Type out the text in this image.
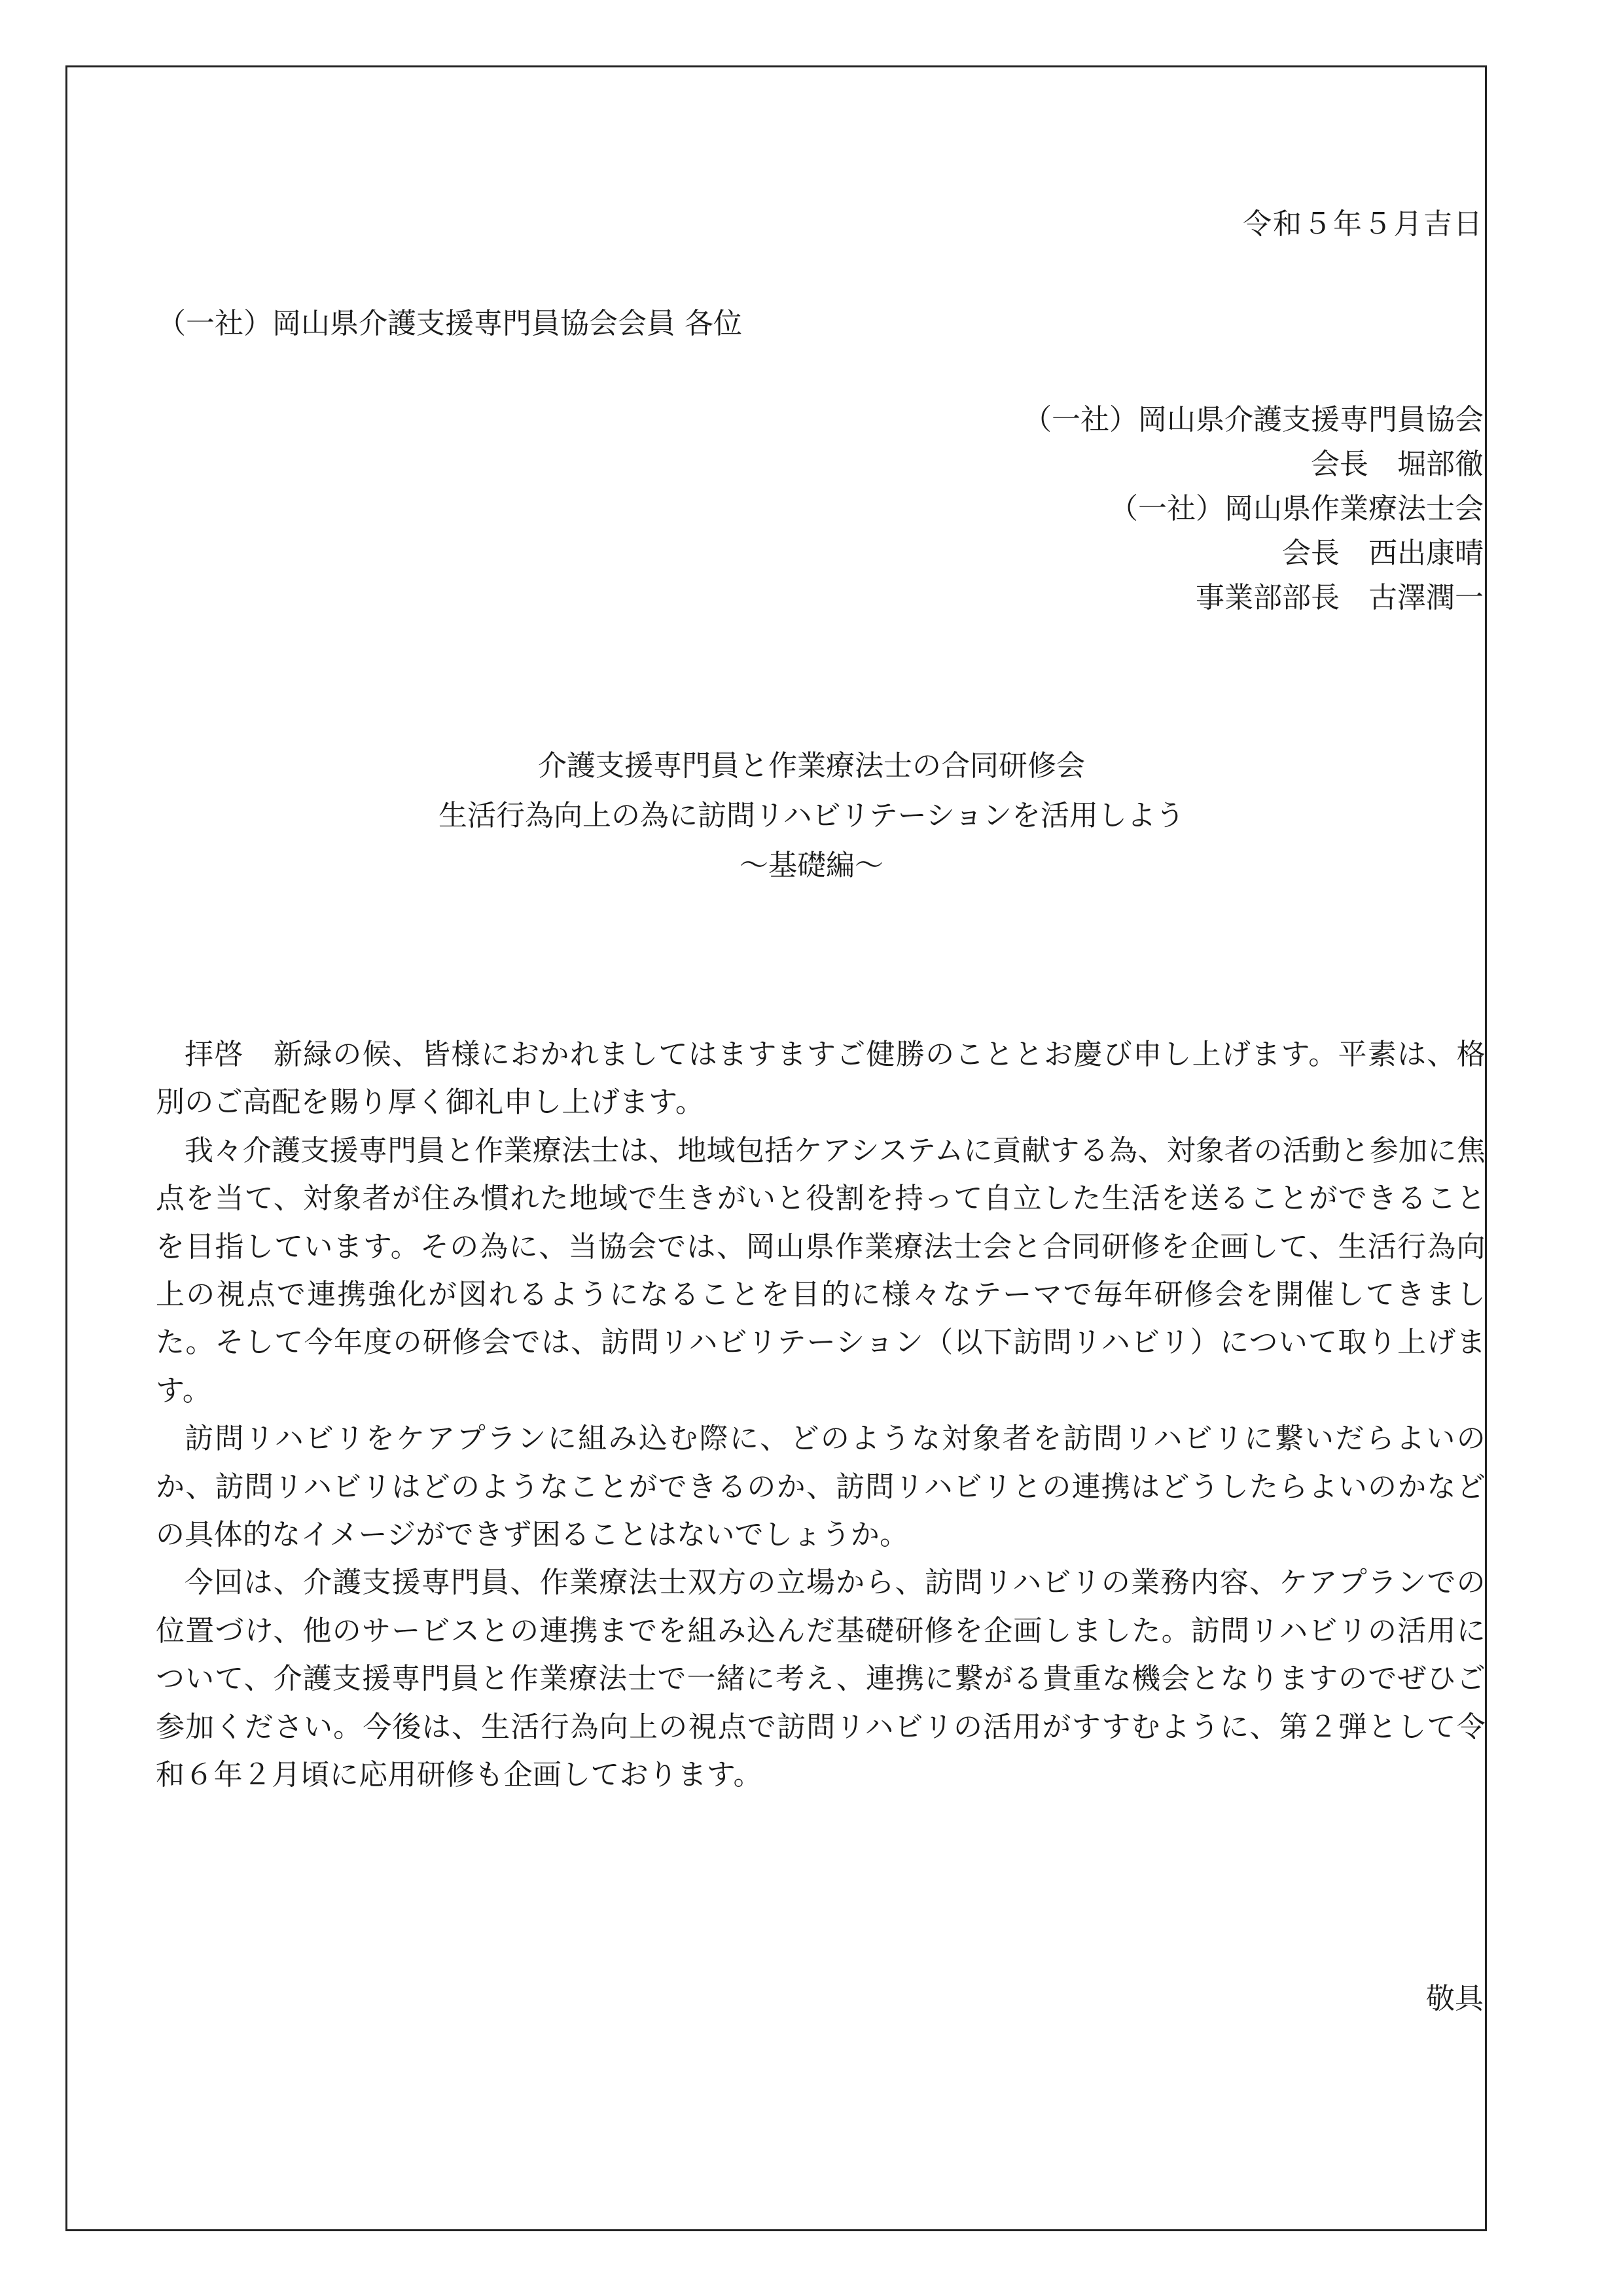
令和５年５月吉日
（一社）岡山県介護支援専門員協会会員 各位
（一社）岡山県介護支援専門員協会
会長　堀部徹　
（一社）岡山県作業療法士会
会長　西出康晴
事業部部長　古澤潤一
介護支援専門員と作業療法士の合同研修会
生活行為向上の為に訪問リハビリテーションを活用しよう
〜基礎編〜

拝啓　新緑の候、皆様におかれましてはますますご健勝のこととお慶び申し上げます。平素は、格別のご高配を賜り厚く御礼申し上げます。

我々介護支援専門員と作業療法士は、地域包括ケアシステムに貢献する為、対象者の活動と参加に焦点を当て、対象者が住み慣れた地域で生きがいと役割を持って自立した生活を送ることができることを目指しています。その為に、当協会では、岡山県作業療法士会と合同研修を企画して、生活行為向上の視点で連携強化が図れるようになることを目的に様々なテーマで毎年研修会を開催してきました。そして今年度の研修会では、訪問リハビリテーション（以下訪問リハビリ）について取り上げます。

訪問リハビリをケアプランに組み込む際に、どのような対象者を訪問リハビリに繋いだらよいのか、訪問リハビリはどのようなことができるのか、訪問リハビリとの連携はどうしたらよいのかなどの具体的なイメージができず困ることはないでしょうか。

今回は、介護支援専門員、作業療法士双方の立場から、訪問リハビリの業務内容、ケアプランでの位置づけ、他のサービスとの連携までを組み込んだ基礎研修を企画しました。訪問リハビリの活用について、介護支援専門員と作業療法士で一緒に考え、連携に繋がる貴重な機会となりますのでぜひご参加ください。今後は、生活行為向上の視点で訪問リハビリの活用がすすむように、第２弾として令和６年２月頃に応用研修も企画しております。

敬具
